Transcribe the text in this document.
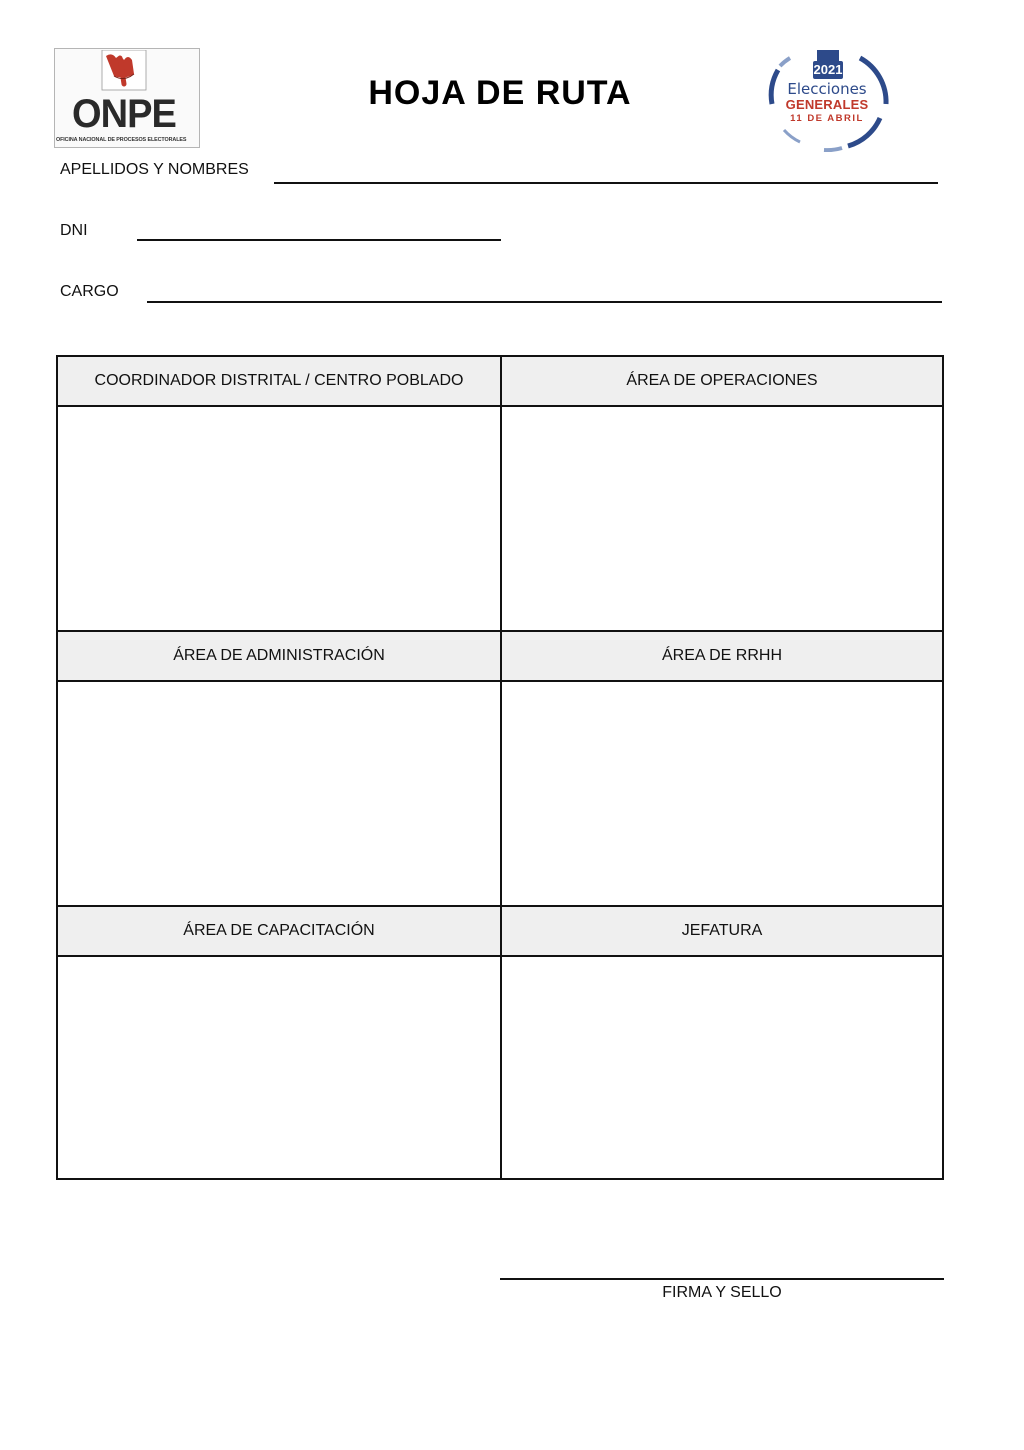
ONPE
OFICINA NACIONAL DE PROCESOS ELECTORALES
HOJA DE RUTA
2021
Elecciones
GENERALES
11 DE ABRIL
APELLIDOS Y NOMBRES
DNI
CARGO
COORDINADOR DISTRITAL / CENTRO POBLADO	ÁREA DE OPERACIONES
ÁREA DE ADMINISTRACIÓN	ÁREA DE RRHH
ÁREA DE CAPACITACIÓN	JEFATURA
FIRMA Y SELLO
